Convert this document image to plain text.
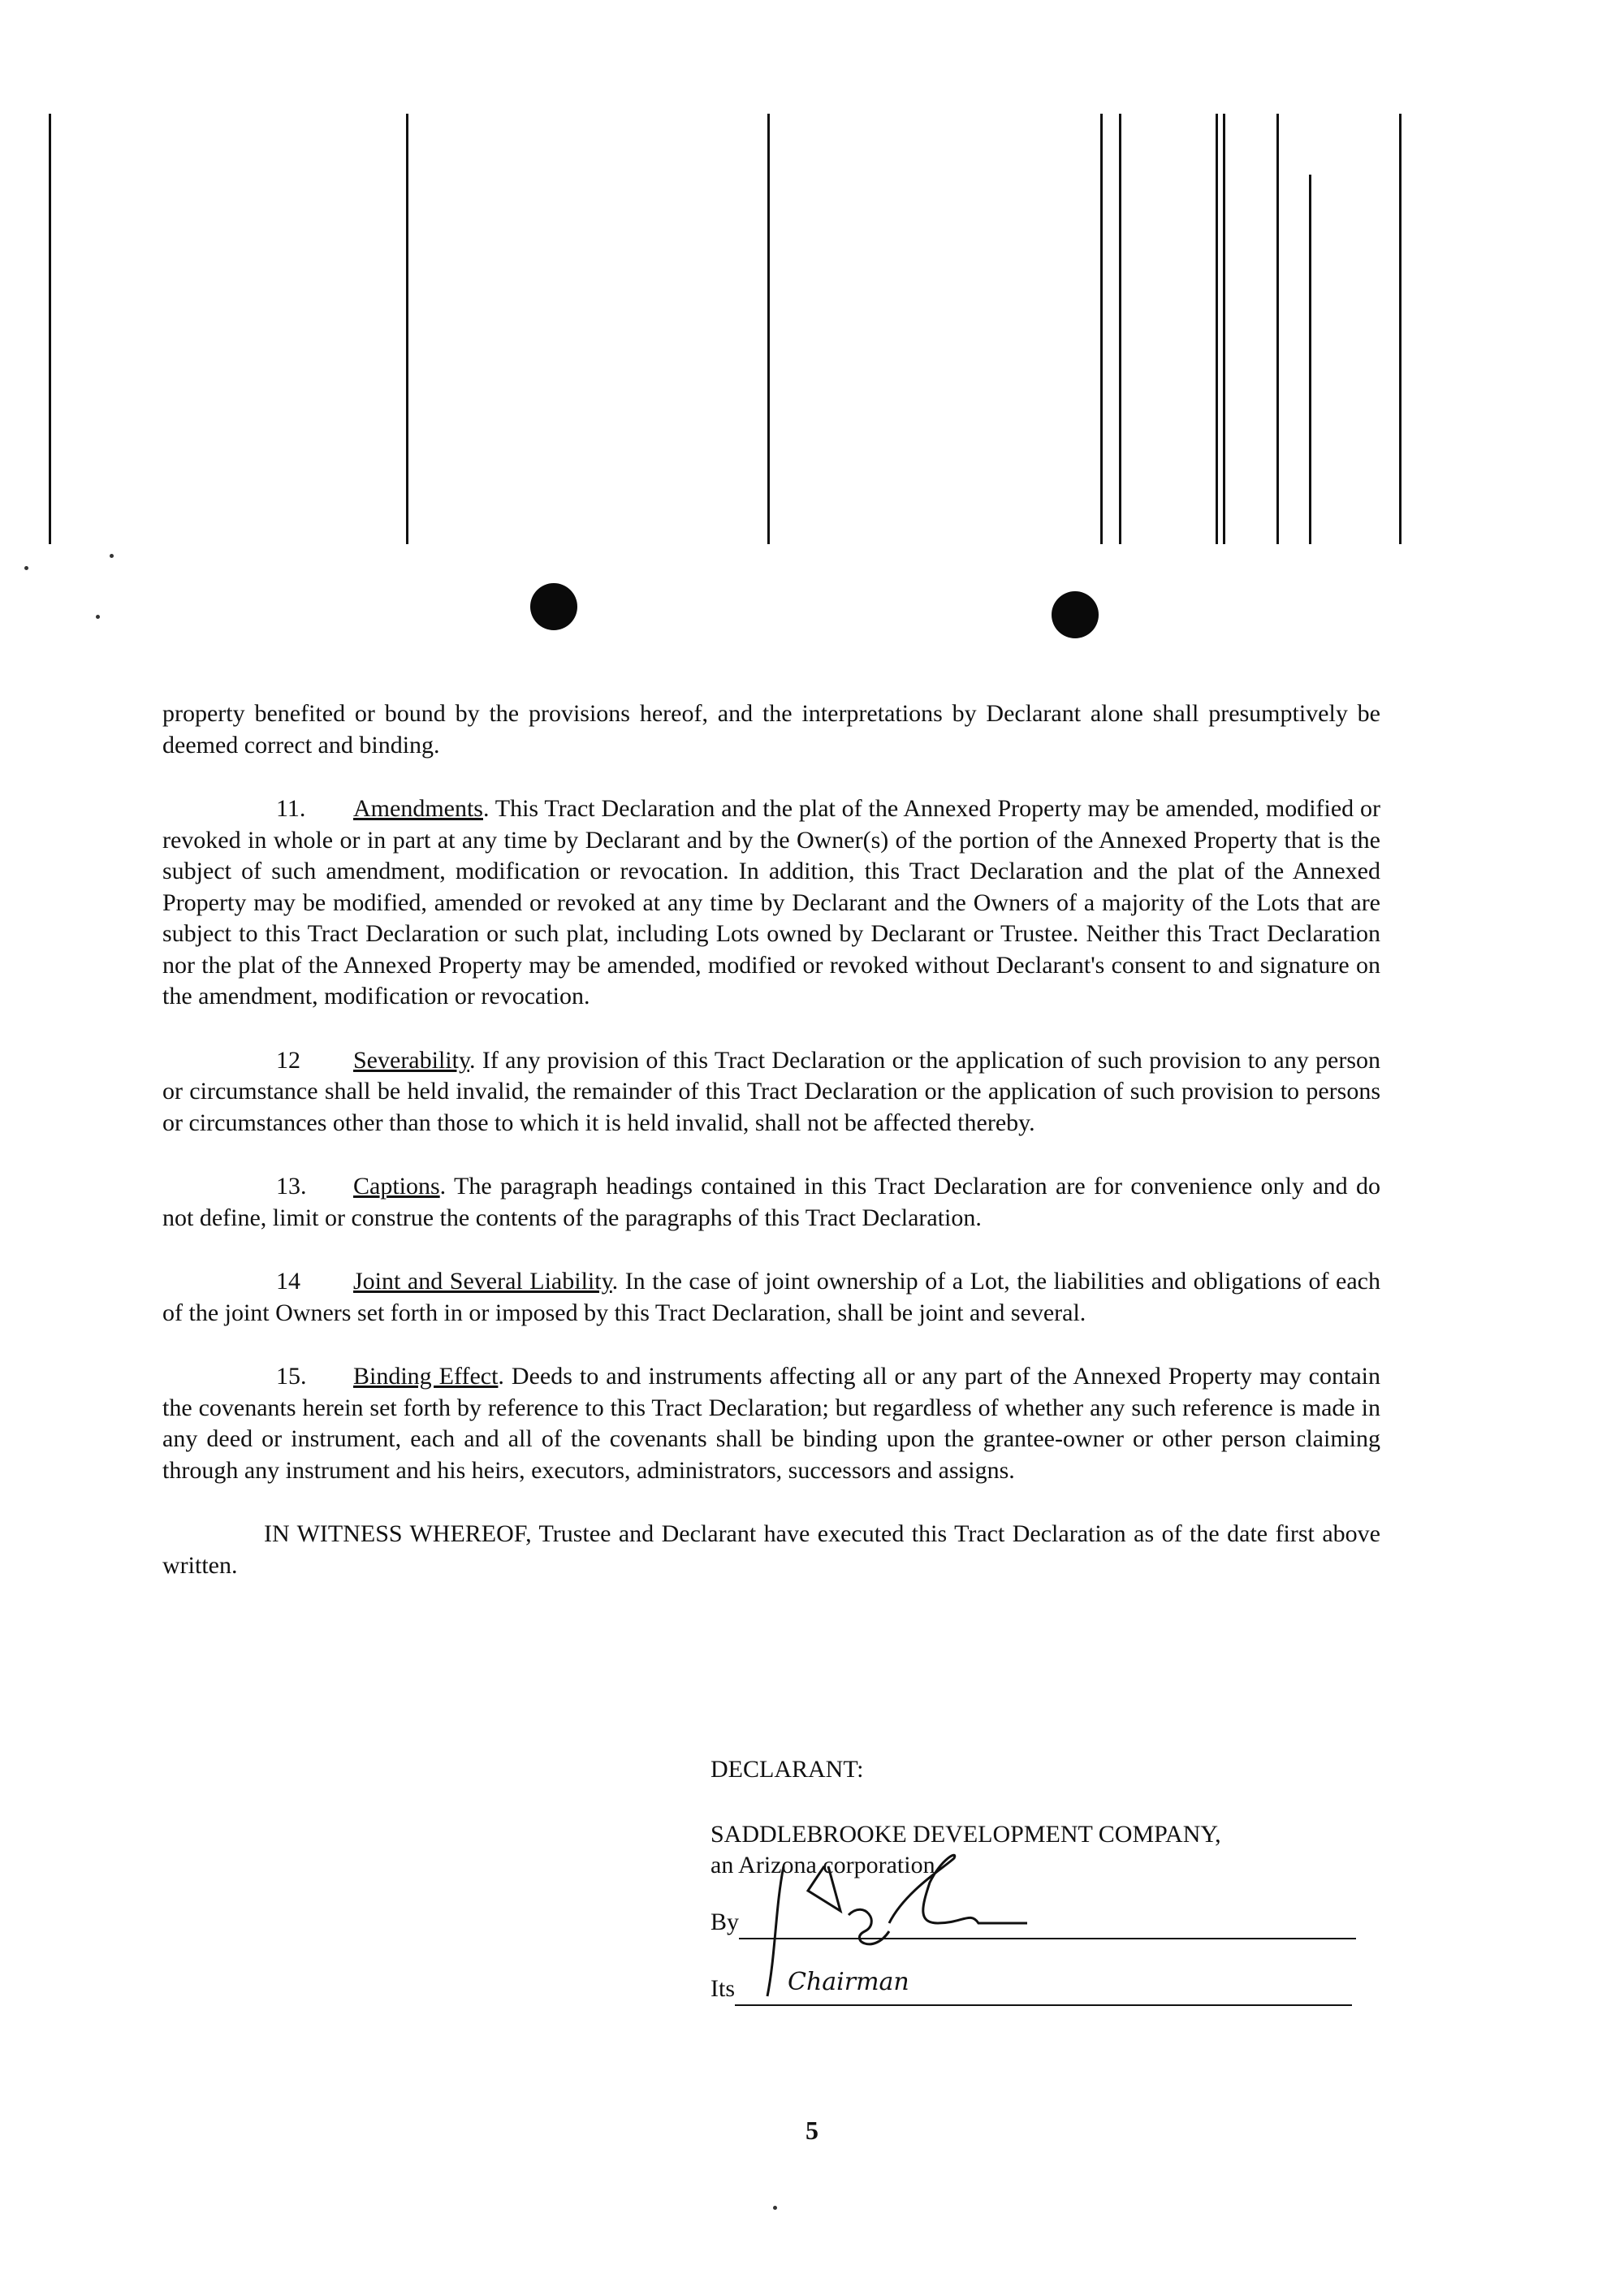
property benefited or bound by the provisions hereof, and the interpretations by Declarant alone shall presumptively be deemed correct and binding.

11. Amendments. This Tract Declaration and the plat of the Annexed Property may be amended, modified or revoked in whole or in part at any time by Declarant and by the Owner(s) of the portion of the Annexed Property that is the subject of such amendment, modification or revocation. In addition, this Tract Declaration and the plat of the Annexed Property may be modified, amended or revoked at any time by Declarant and the Owners of a majority of the Lots that are subject to this Tract Declaration or such plat, including Lots owned by Declarant or Trustee. Neither this Tract Declaration nor the plat of the Annexed Property may be amended, modified or revoked without Declarant's consent to and signature on the amendment, modification or revocation.

12 Severability. If any provision of this Tract Declaration or the application of such provision to any person or circumstance shall be held invalid, the remainder of this Tract Declaration or the application of such provision to persons or circumstances other than those to which it is held invalid, shall not be affected thereby.

13. Captions. The paragraph headings contained in this Tract Declaration are for convenience only and do not define, limit or construe the contents of the paragraphs of this Tract Declaration.

14 Joint and Several Liability. In the case of joint ownership of a Lot, the liabilities and obligations of each of the joint Owners set forth in or imposed by this Tract Declaration, shall be joint and several.

15. Binding Effect. Deeds to and instruments affecting all or any part of the Annexed Property may contain the covenants herein set forth by reference to this Tract Declaration; but regardless of whether any such reference is made in any deed or instrument, each and all of the covenants shall be binding upon the grantee-owner or other person claiming through any instrument and his heirs, executors, administrators, successors and assigns.

IN WITNESS WHEREOF, Trustee and Declarant have executed this Tract Declaration as of the date first above written.

DECLARANT:
SADDLEBROOKE DEVELOPMENT COMPANY,
an Arizona corporation
By
Its Chairman
5
